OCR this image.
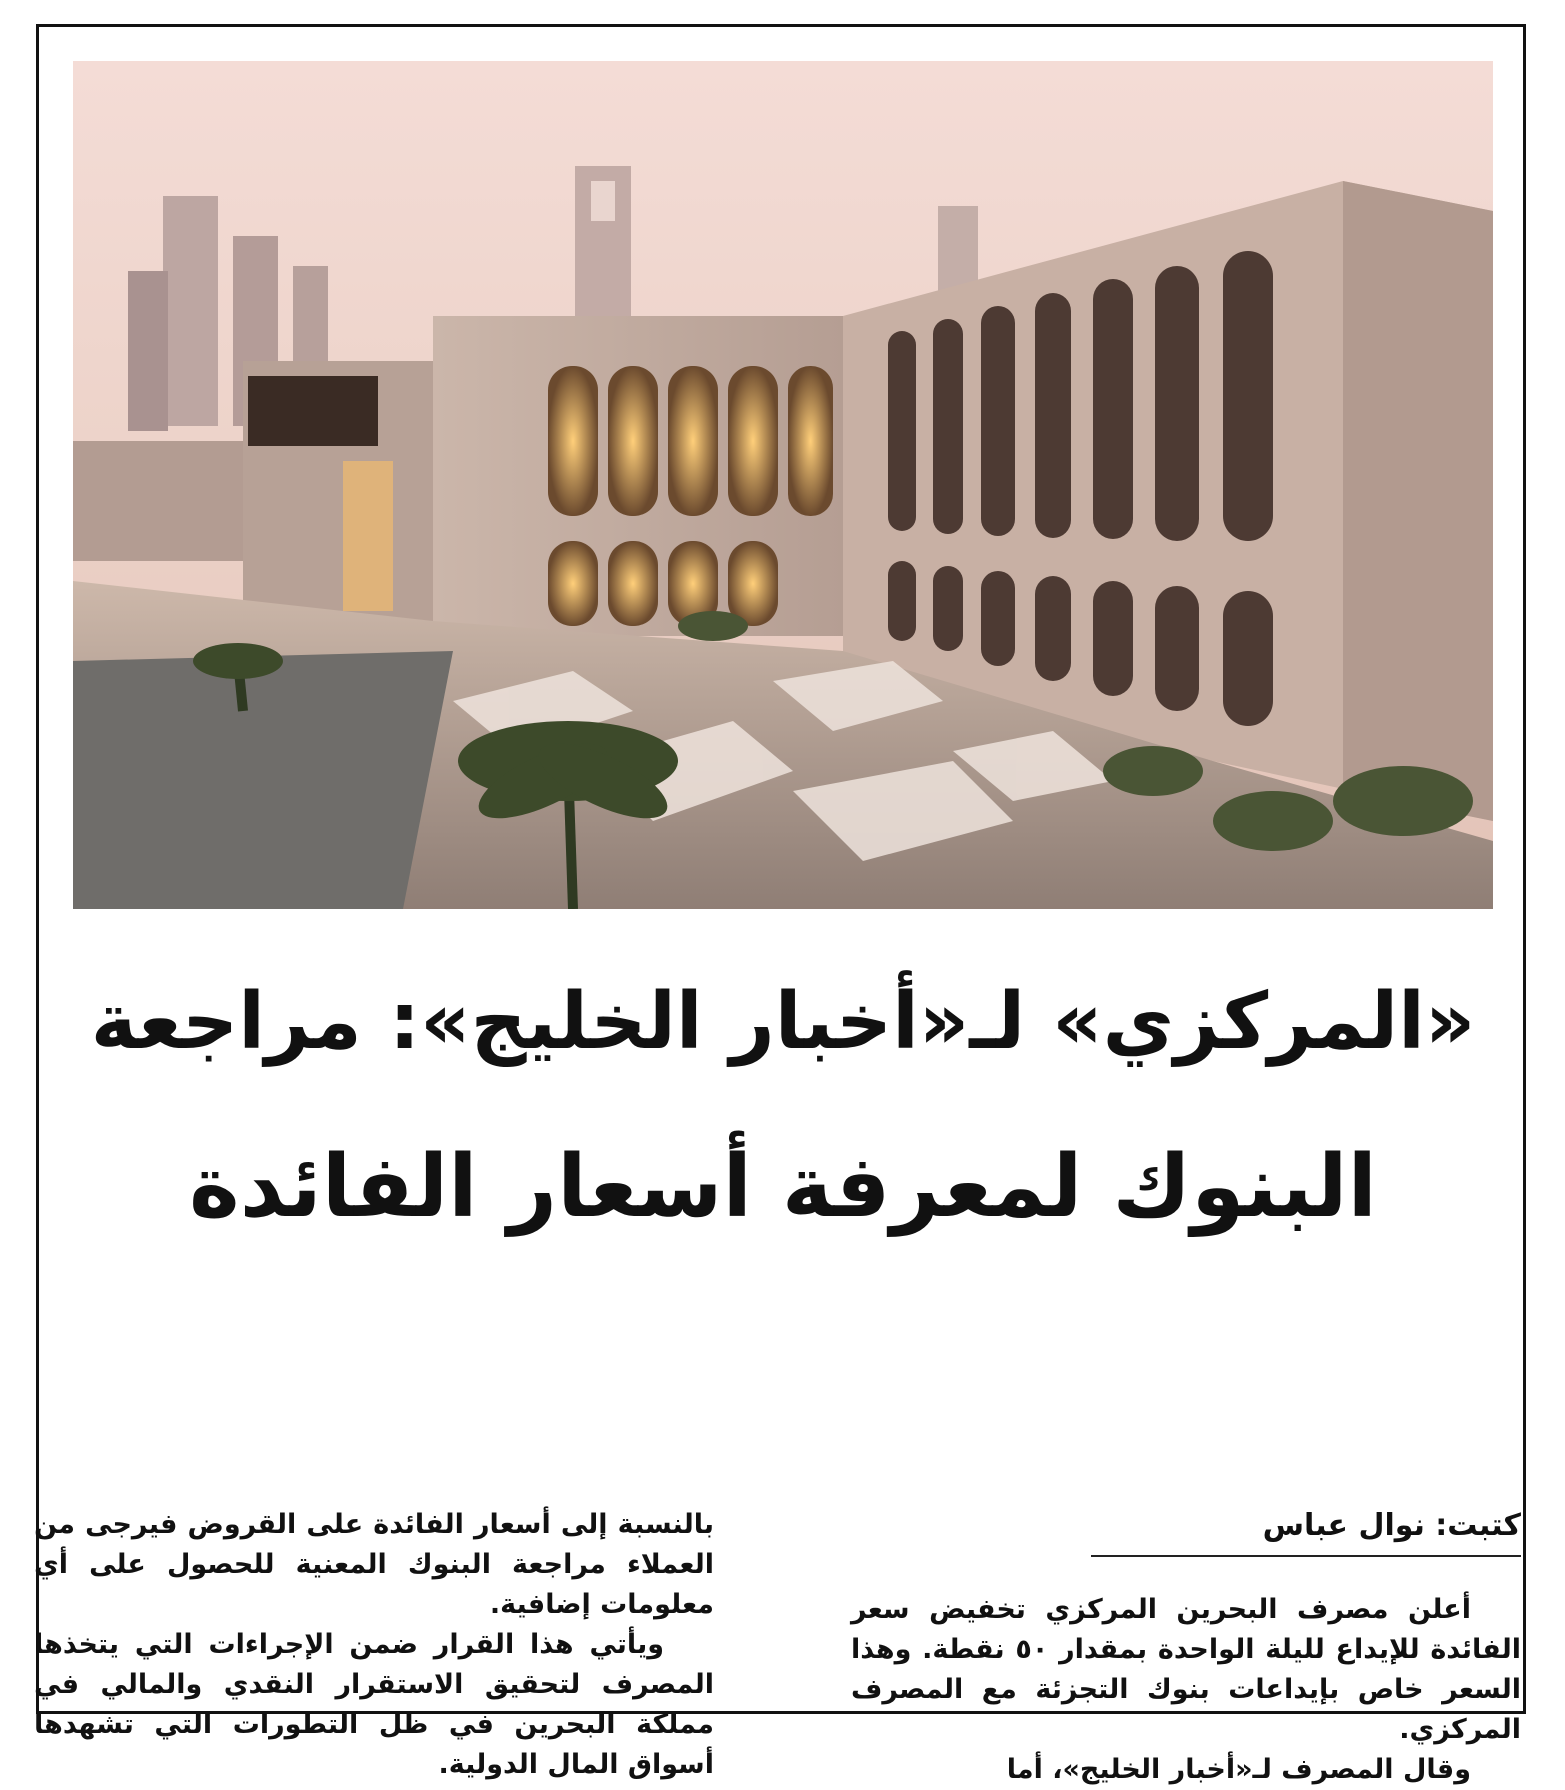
«المركزي» لـ«أخبار الخليج»: مراجعة
البنوك لمعرفة أسعار الفائدة
كتبت: نوال عباس

أعلن مصرف البحرين المركزي تخفيض سعر الفائدة للإيداع لليلة الواحدة بمقدار ٥٠ نقطة. وهذا السعر خاص بإيداعات بنوك التجزئة مع المصرف المركزي.

وقال المصرف لـ«أخبار الخليج»، أما

بالنسبة إلى أسعار الفائدة على القروض فيرجى من العملاء مراجعة البنوك المعنية للحصول على أي معلومات إضافية.

ويأتي هذا القرار ضمن الإجراءات التي يتخذها المصرف لتحقيق الاستقرار النقدي والمالي في مملكة البحرين في ظل التطورات التي تشهدها أسواق المال الدولية.
